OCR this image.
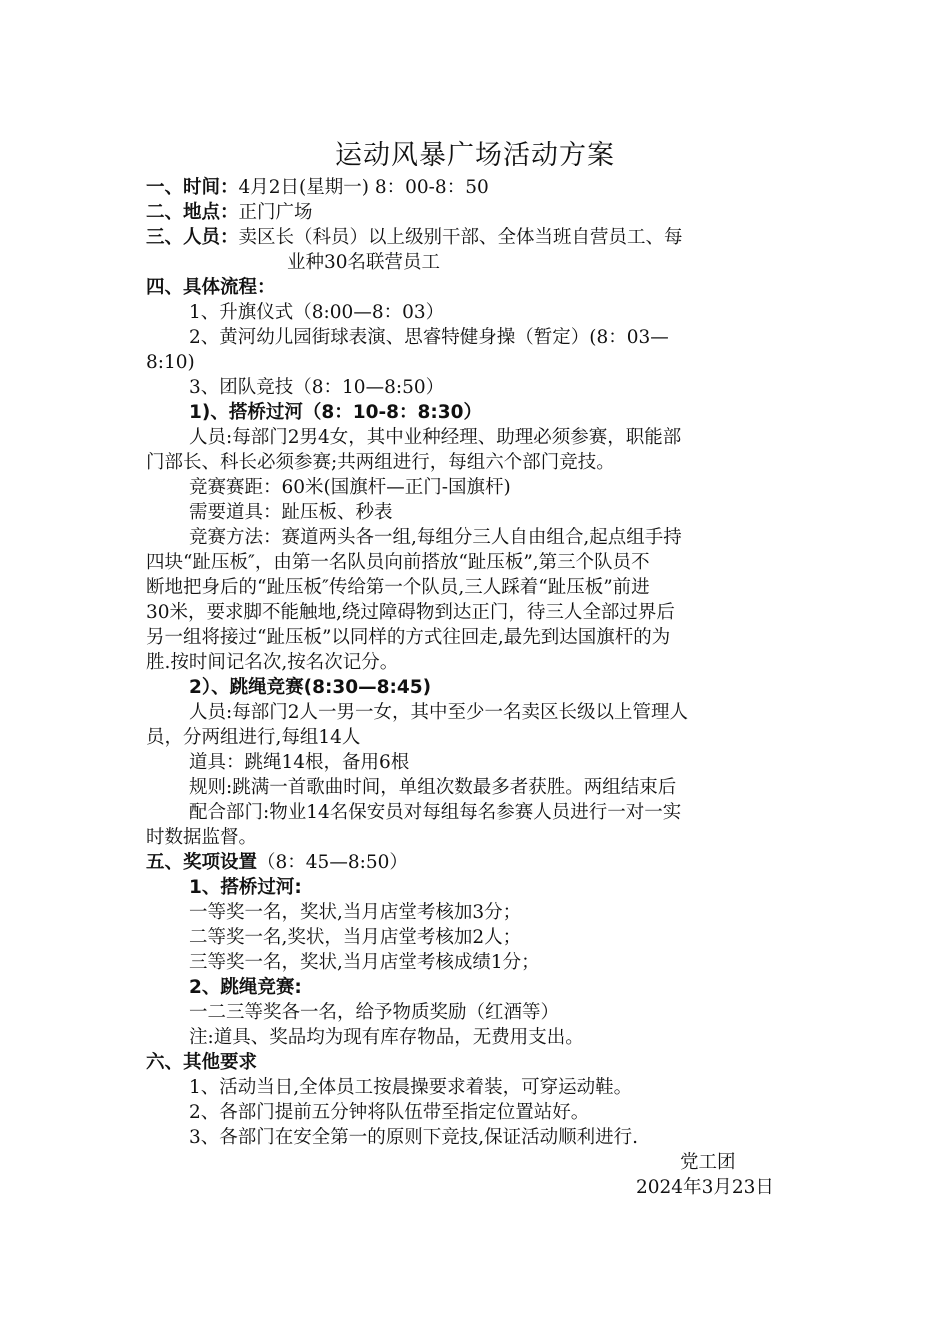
运动风暴广场活动方案
一、时间：4月2日(星期一) 8：00-8：50
二、地点：正门广场
三、人员：卖区长（科员）以上级别干部、全体当班自营员工、每
业种30名联营员工
四、具体流程：
1、升旗仪式（8:00—8：03）
2、黄河幼儿园街球表演、思睿特健身操（暂定）(8：03—
8:10)
3、团队竞技（8：10—8:50）
1)、搭桥过河（8：10-8：8:30）
人员:每部门2男4女，其中业种经理、助理必须参赛，职能部
门部长、科长必须参赛;共两组进行，每组六个部门竞技。
竞赛赛距：60米(国旗杆—正门-国旗杆)
需要道具：趾压板、秒表
竞赛方法：赛道两头各一组,每组分三人自由组合,起点组手持
四块“趾压板″，由第一名队员向前搭放“趾压板”,第三个队员不
断地把身后的“趾压板″传给第一个队员,三人踩着“趾压板”前进
30米，要求脚不能触地,绕过障碍物到达正门，待三人全部过界后
另一组将接过“趾压板”以同样的方式往回走,最先到达国旗杆的为
胜.按时间记名次,按名次记分。
2）、跳绳竞赛(8:30—8:45)
人员:每部门2人一男一女，其中至少一名卖区长级以上管理人
员，分两组进行,每组14人
道具：跳绳14根，备用6根
规则:跳满一首歌曲时间，单组次数最多者获胜。两组结束后
配合部门:物业14名保安员对每组每名参赛人员进行一对一实
时数据监督。
五、奖项设置（8：45—8:50）
1、搭桥过河:
一等奖一名，奖状,当月店堂考核加3分；
二等奖一名,奖状，当月店堂考核加2人；
三等奖一名，奖状,当月店堂考核成绩1分；
2、跳绳竞赛:
一二三等奖各一名，给予物质奖励（红酒等）
注:道具、奖品均为现有库存物品，无费用支出。
六、其他要求
1、活动当日,全体员工按晨操要求着装，可穿运动鞋。
2、各部门提前五分钟将队伍带至指定位置站好。
3、各部门在安全第一的原则下竞技,保证活动顺利进行.
党工团
2024年3月23日
